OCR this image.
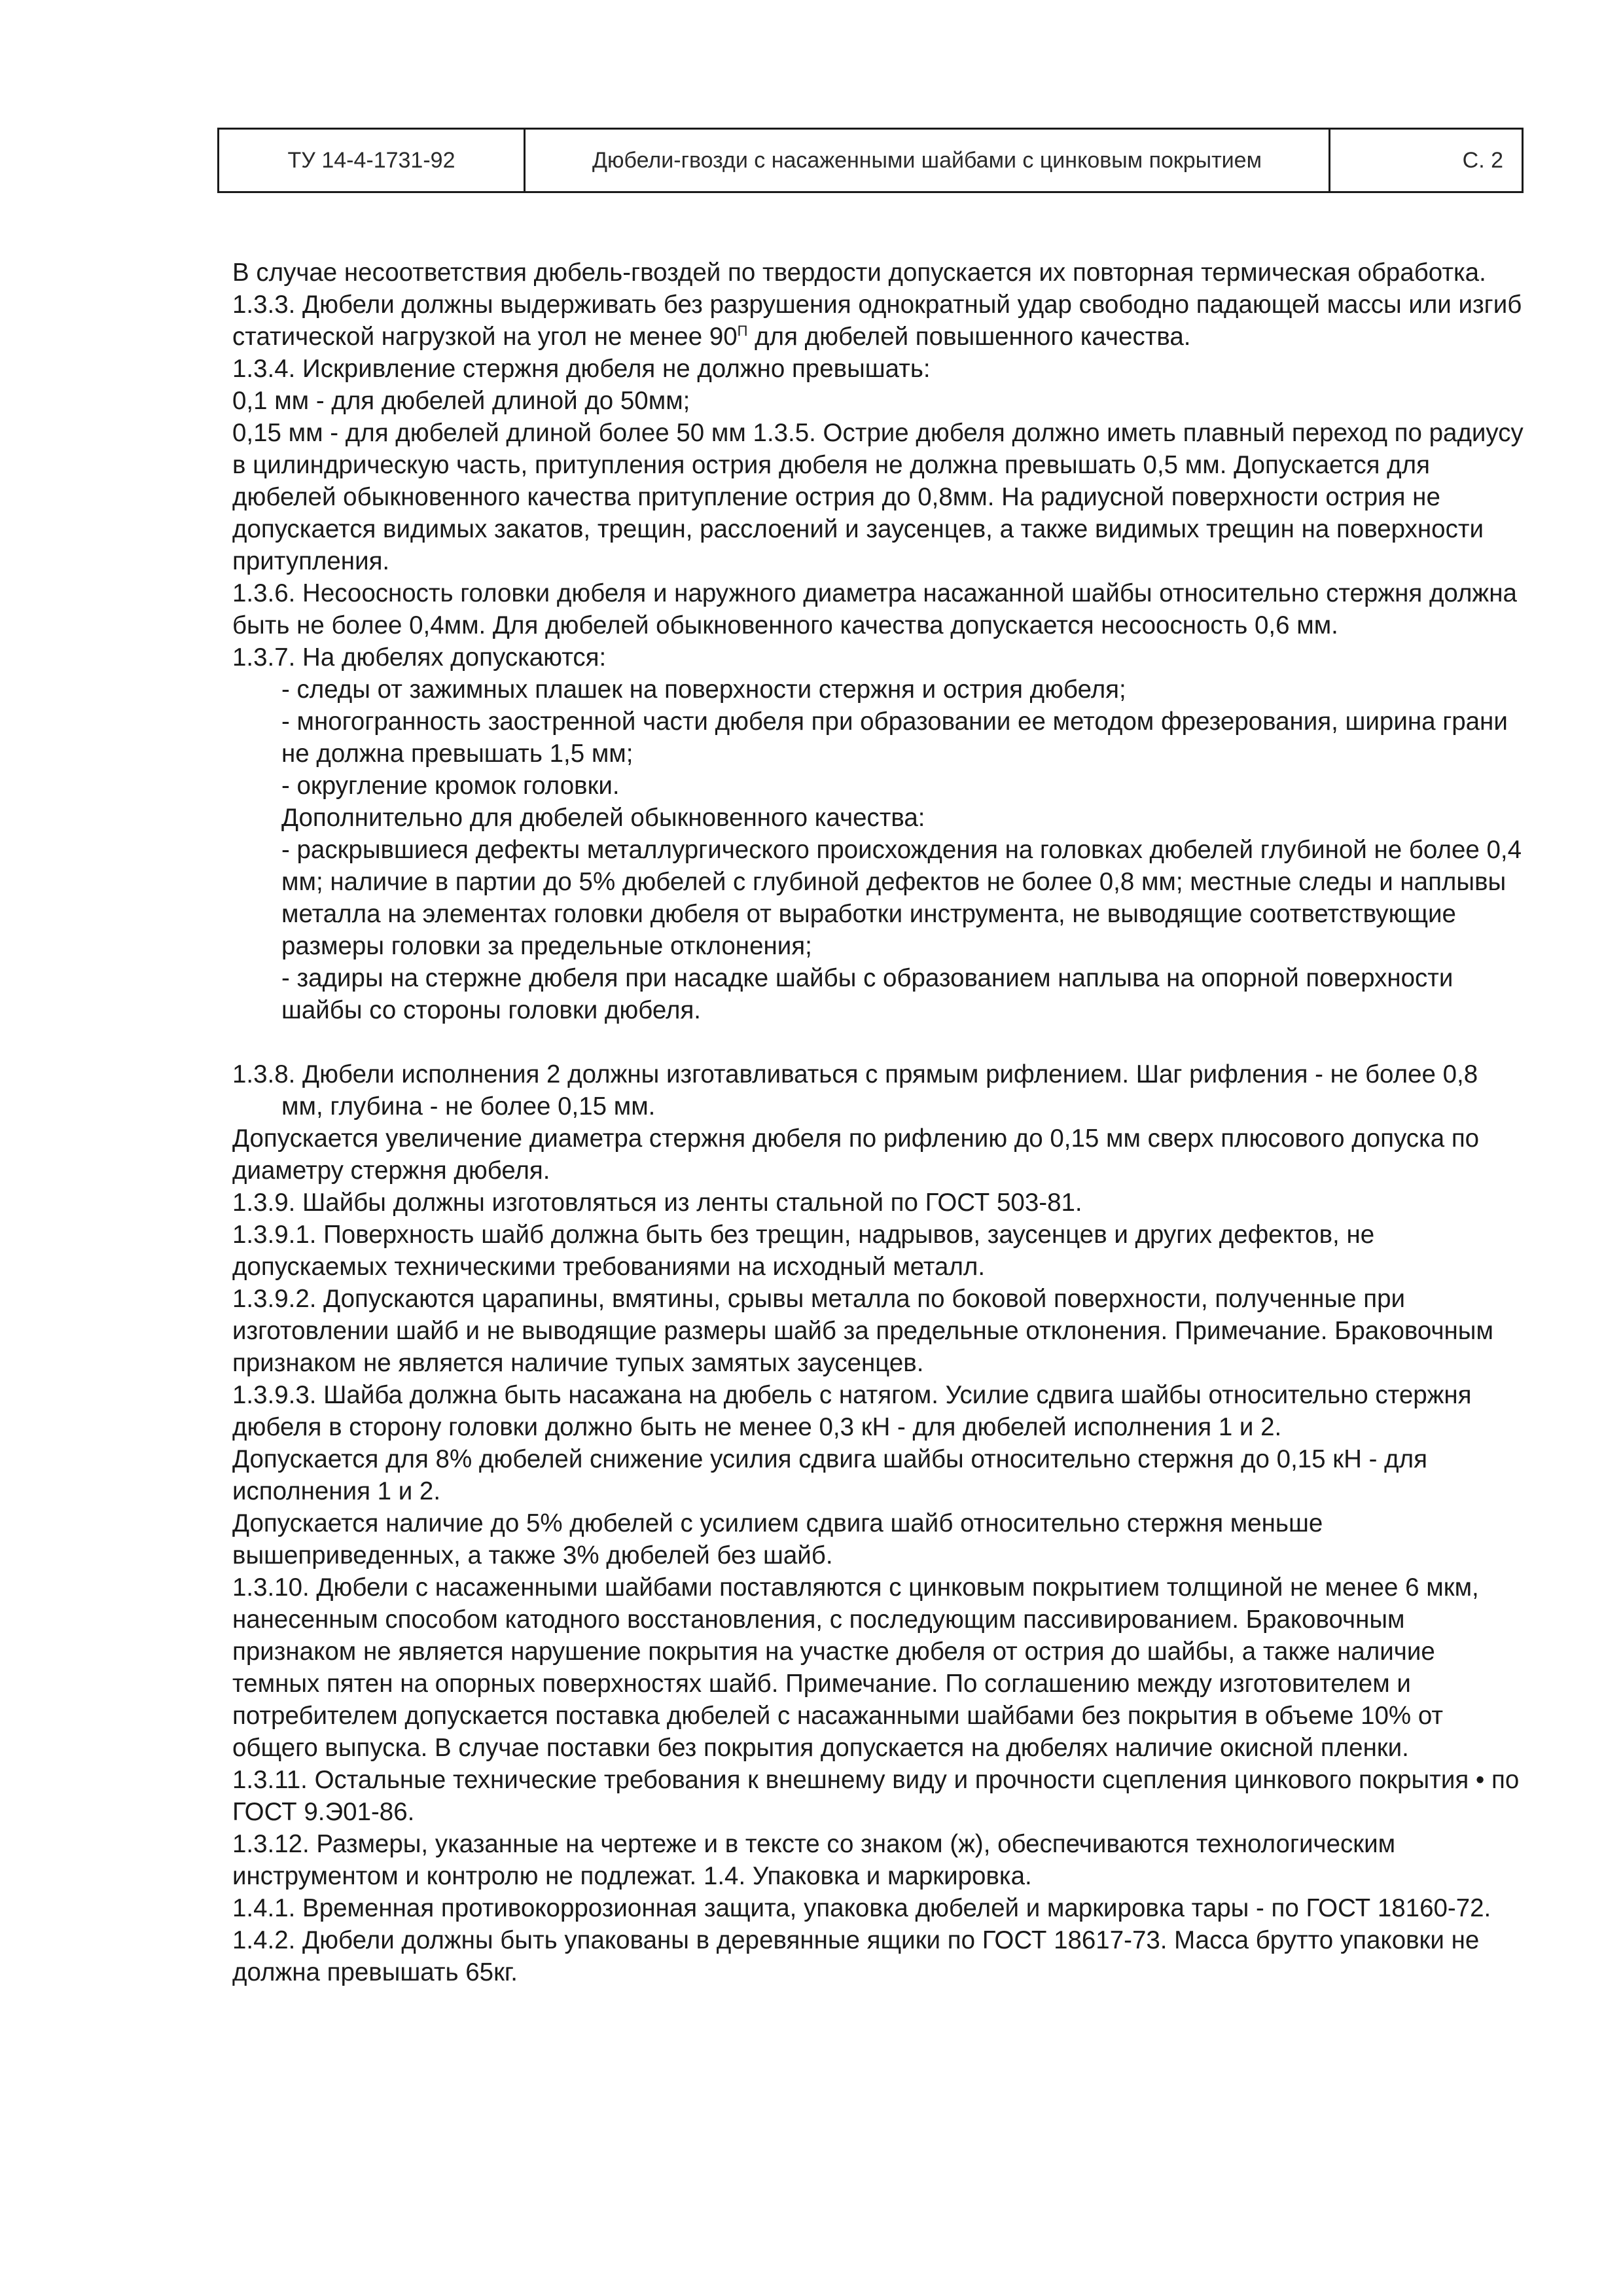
ТУ 14-4-1731-92	Дюбели-гвозди с насаженными шайбами с цинковым покрытием	С. 2

В случае несоответствия дюбель-гвоздей по твердости допускается их повторная термическая обработка.

1.3.3. Дюбели должны выдерживать без разрушения однократный удар свободно падающей массы или изгиб статической нагрузкой на угол не менее $90^П$ для дюбелей повышенного качества.

1.3.4. Искривление стержня дюбеля не должно превышать:

0,1 мм - для дюбелей длиной до 50мм;

0,15 мм - для дюбелей длиной более 50 мм 1.3.5. Острие дюбеля должно иметь плавный переход по радиусу в цилиндрическую часть, притупления острия дюбеля не должна превышать 0,5 мм. Допускается для дюбелей обыкновенного качества притупление острия до 0,8мм. На радиусной поверхности острия не допускается видимых закатов, трещин, расслоений и заусенцев, а также видимых трещин на поверхности притупления.

1.3.6. Несоосность головки дюбеля и наружного диаметра насажанной шайбы относительно стержня должна быть не более 0,4мм. Для дюбелей обыкновенного качества допускается несоосность 0,6 мм.

1.3.7. На дюбелях допускаются:

- следы от зажимных плашек на поверхности стержня и острия дюбеля;

- многогранность заостренной части дюбеля при образовании ее методом фрезерования, ширина грани не должна превышать 1,5 мм;

- округление кромок головки.

Дополнительно для дюбелей обыкновенного качества:

- раскрывшиеся дефекты металлургического происхождения на головках дюбелей глубиной не более 0,4 мм; наличие в партии до 5% дюбелей с глубиной дефектов не более 0,8 мм; местные следы и наплывы металла на элементах головки дюбеля от выработки инструмента, не выводящие соответствующие размеры головки за предельные отклонения;

- задиры на стержне дюбеля при насадке шайбы с образованием наплыва на опорной поверхности шайбы со стороны головки дюбеля.

1.3.8. Дюбели исполнения 2 должны изготавливаться с прямым рифлением. Шаг рифления - не более 0,8 мм, глубина - не более 0,15 мм.

Допускается увеличение диаметра стержня дюбеля по рифлению до 0,15 мм сверх плюсового допуска по диаметру стержня дюбеля.

1.3.9. Шайбы должны изготовляться из ленты стальной по ГОСТ 503-81.

1.3.9.1. Поверхность шайб должна быть без трещин, надрывов, заусенцев и других дефектов, не допускаемых техническими требованиями на исходный металл.

1.3.9.2. Допускаются царапины, вмятины, срывы металла по боковой поверхности, полученные при изготовлении шайб и не выводящие размеры шайб за предельные отклонения. Примечание. Браковочным признаком не является наличие тупых замятых заусенцев.

1.3.9.3. Шайба должна быть насажана на дюбель с натягом. Усилие сдвига шайбы относительно стержня дюбеля в сторону головки должно быть не менее 0,3 кН - для дюбелей исполнения 1 и 2.

Допускается для 8% дюбелей снижение усилия сдвига шайбы относительно стержня до 0,15 кН - для исполнения 1 и 2.

Допускается наличие до 5% дюбелей с усилием сдвига шайб относительно стержня меньше вышеприведенных, а также 3% дюбелей без шайб.

1.3.10. Дюбели с насаженными шайбами поставляются с цинковым покрытием толщиной не менее 6 мкм, нанесенным способом катодного восстановления, с последующим пассивированием. Браковочным признаком не является нарушение покрытия на участке дюбеля от острия до шайбы, а также наличие темных пятен на опорных поверхностях шайб. Примечание. По соглашению между изготовителем и потребителем допускается поставка дюбелей с насажанными шайбами без покрытия в объеме 10% от общего выпуска. В случае поставки без покрытия допускается на дюбелях наличие окисной пленки.

1.3.11. Остальные технические требования к внешнему виду и прочности сцепления цинкового покрытия • по ГОСТ 9.Э01-86.

1.3.12. Размеры, указанные на чертеже и в тексте со знаком (ж), обеспечиваются технологическим инструментом и контролю не подлежат. 1.4. Упаковка и маркировка.

1.4.1. Временная противокоррозионная защита, упаковка дюбелей и маркировка тары - по ГОСТ 18160-72.

1.4.2. Дюбели должны быть упакованы в деревянные ящики по ГОСТ 18617-73. Масса брутто упаковки не должна превышать 65кг.
